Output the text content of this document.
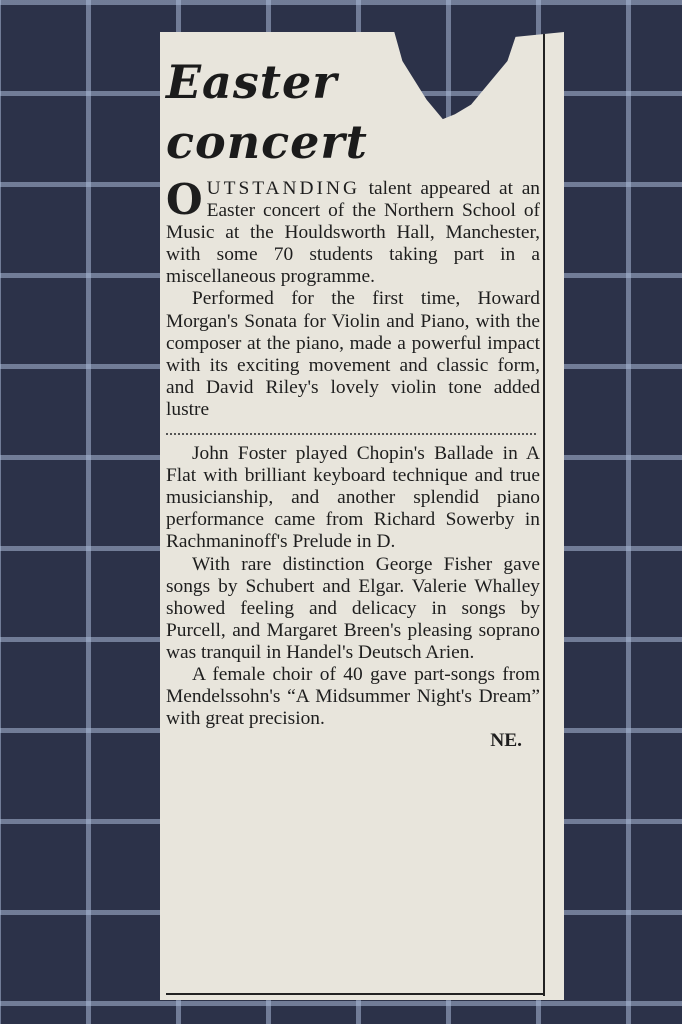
Easter
concert

OUTSTANDING talent appeared at an Easter concert of the Northern School of Music at the Houldsworth Hall, Manchester, with some 70 students taking part in a miscellaneous programme.

Performed for the first time, Howard Morgan's Sonata for Violin and Piano, with the composer at the piano, made a powerful impact with its exciting movement and classic form, and David Riley's lovely violin tone added lustre

John Foster played Chopin's Ballade in A Flat with brilliant keyboard technique and true musicianship, and another splendid piano performance came from Richard Sowerby in Rachmaninoff's Prelude in D.

With rare distinction George Fisher gave songs by Schubert and Elgar. Valerie Whalley showed feeling and delicacy in songs by Purcell, and Margaret Breen's pleasing soprano was tranquil in Handel's Deutsch Arien.

A female choir of 40 gave part-songs from Mendelssohn's “A Midsummer Night's Dream” with great precision.

NE.
